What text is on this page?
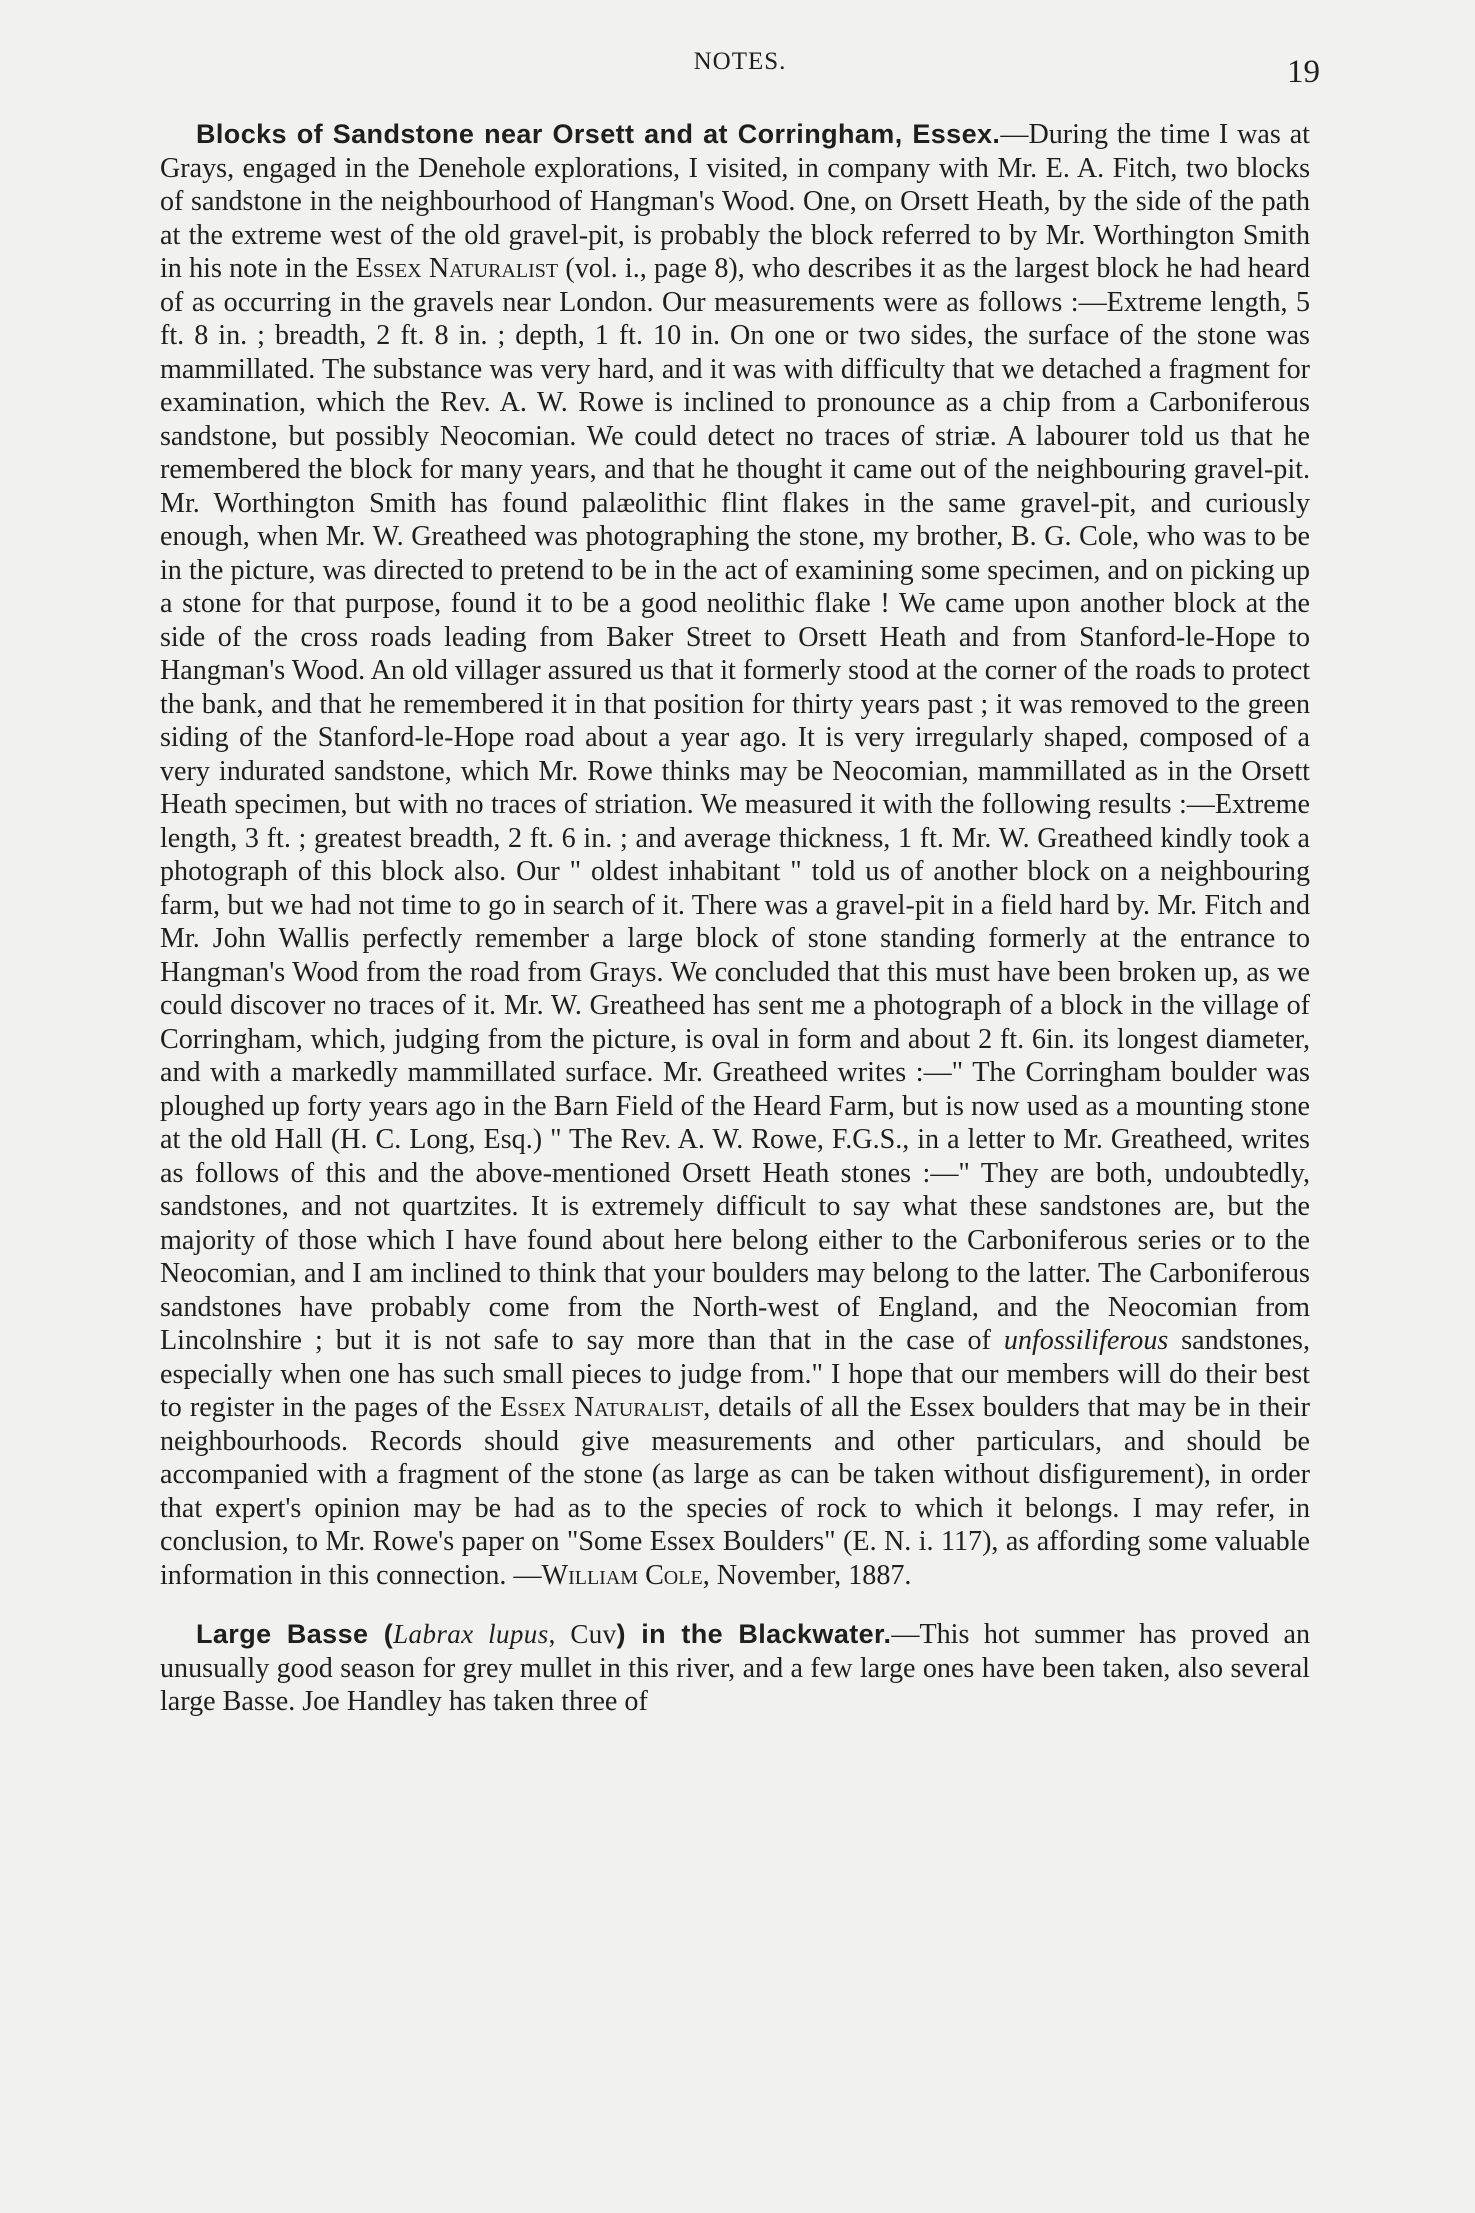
NOTES.	19

Blocks of Sandstone near Orsett and at Corringham, Essex.—During the time I was at Grays, engaged in the Denehole explorations, I visited, in company with Mr. E. A. Fitch, two blocks of sandstone in the neighbourhood of Hangman's Wood. One, on Orsett Heath, by the side of the path at the extreme west of the old gravel-pit, is probably the block referred to by Mr. Worthington Smith in his note in the Essex Naturalist (vol. i., page 8), who describes it as the largest block he had heard of as occurring in the gravels near London. Our measurements were as follows :—Extreme length, 5 ft. 8 in. ; breadth, 2 ft. 8 in. ; depth, 1 ft. 10 in. On one or two sides, the surface of the stone was mammillated. The substance was very hard, and it was with difficulty that we detached a fragment for examination, which the Rev. A. W. Rowe is inclined to pronounce as a chip from a Carboniferous sandstone, but possibly Neocomian. We could detect no traces of striæ. A labourer told us that he remembered the block for many years, and that he thought it came out of the neighbouring gravel-pit. Mr. Worthington Smith has found palæolithic flint flakes in the same gravel-pit, and curiously enough, when Mr. W. Greatheed was photographing the stone, my brother, B. G. Cole, who was to be in the picture, was directed to pretend to be in the act of examining some specimen, and on picking up a stone for that purpose, found it to be a good neolithic flake ! We came upon another block at the side of the cross roads leading from Baker Street to Orsett Heath and from Stanford-le-Hope to Hangman's Wood. An old villager assured us that it formerly stood at the corner of the roads to protect the bank, and that he remembered it in that position for thirty years past ; it was removed to the green siding of the Stanford-le-Hope road about a year ago. It is very irregularly shaped, composed of a very indurated sandstone, which Mr. Rowe thinks may be Neocomian, mammillated as in the Orsett Heath specimen, but with no traces of striation. We measured it with the following results :—Extreme length, 3 ft. ; greatest breadth, 2 ft. 6 in. ; and average thickness, 1 ft. Mr. W. Greatheed kindly took a photograph of this block also. Our " oldest inhabitant " told us of another block on a neighbouring farm, but we had not time to go in search of it. There was a gravel-pit in a field hard by. Mr. Fitch and Mr. John Wallis perfectly remember a large block of stone standing formerly at the entrance to Hangman's Wood from the road from Grays. We concluded that this must have been broken up, as we could discover no traces of it. Mr. W. Greatheed has sent me a photograph of a block in the village of Corringham, which, judging from the picture, is oval in form and about 2 ft. 6in. its longest diameter, and with a markedly mammillated surface. Mr. Greatheed writes :—" The Corringham boulder was ploughed up forty years ago in the Barn Field of the Heard Farm, but is now used as a mounting stone at the old Hall (H. C. Long, Esq.) " The Rev. A. W. Rowe, F.G.S., in a letter to Mr. Greatheed, writes as follows of this and the above-mentioned Orsett Heath stones :—" They are both, undoubtedly, sandstones, and not quartzites. It is extremely difficult to say what these sandstones are, but the majority of those which I have found about here belong either to the Carboniferous series or to the Neocomian, and I am inclined to think that your boulders may belong to the latter. The Carboniferous sandstones have probably come from the North-west of England, and the Neocomian from Lincolnshire ; but it is not safe to say more than that in the case of unfossiliferous sandstones, especially when one has such small pieces to judge from." I hope that our members will do their best to register in the pages of the Essex Naturalist, details of all the Essex boulders that may be in their neighbourhoods. Records should give measurements and other particulars, and should be accompanied with a fragment of the stone (as large as can be taken without disfigurement), in order that expert's opinion may be had as to the species of rock to which it belongs. I may refer, in conclusion, to Mr. Rowe's paper on "Some Essex Boulders" (E. N. i. 117), as affording some valuable information in this connection. —William Cole, November, 1887.

Large Basse (Labrax lupus, Cuv) in the Blackwater.—This hot summer has proved an unusually good season for grey mullet in this river, and a few large ones have been taken, also several large Basse. Joe Handley has taken three of
